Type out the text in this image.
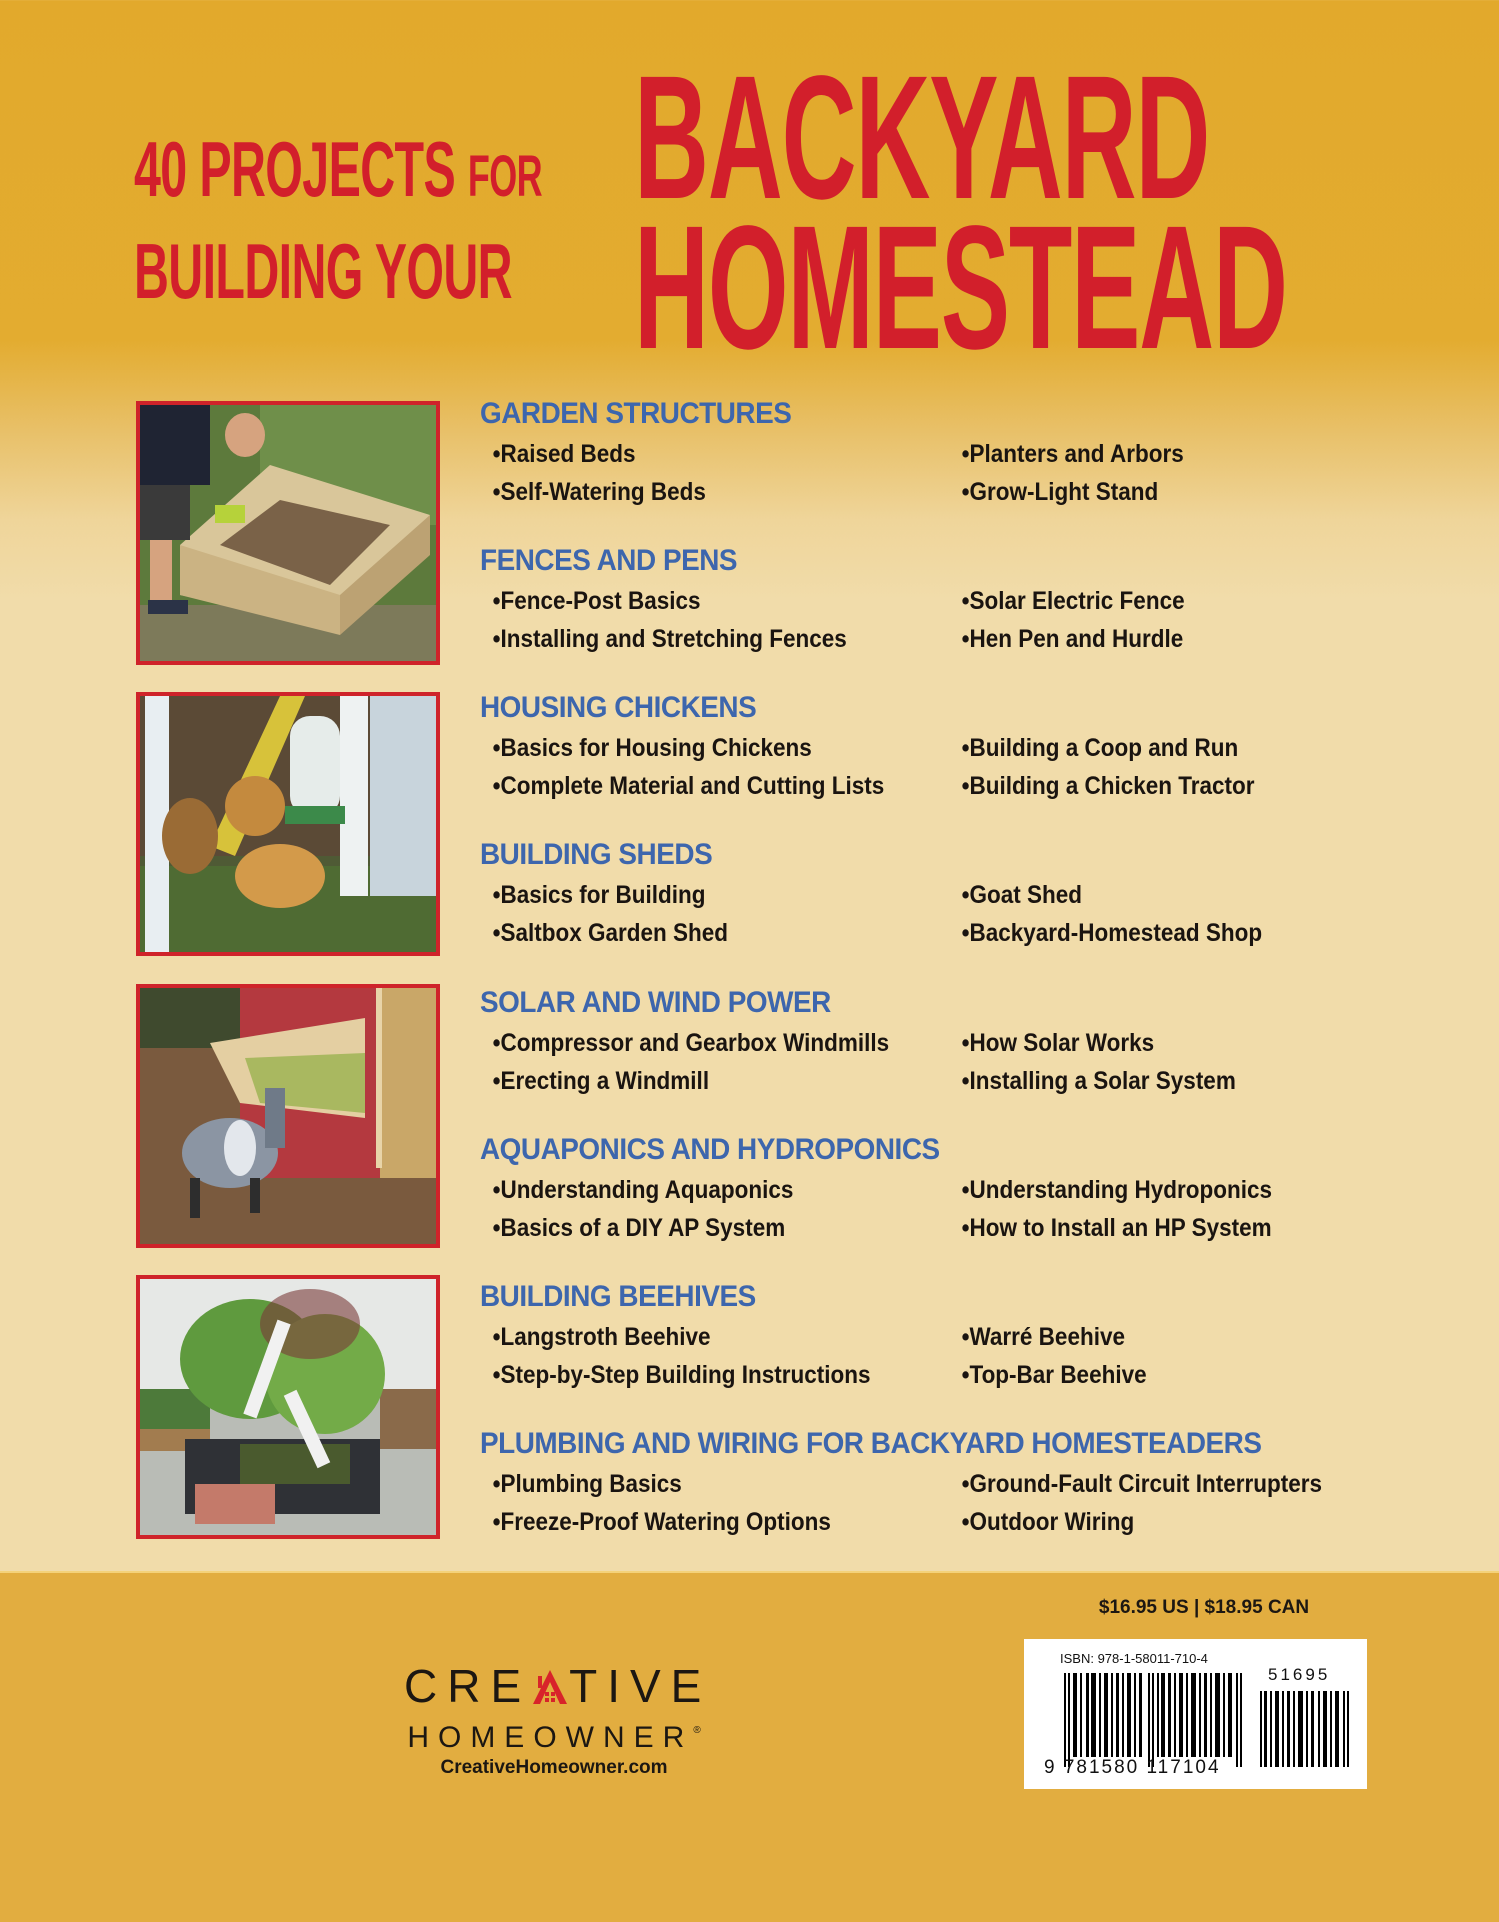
40 PROJECTS FOR
BUILDING YOUR
BACKYARD
HOMESTEAD
GARDEN STRUCTURES
• Raised Beds	• Planters and Arbors
• Self-Watering Beds	• Grow-Light Stand
FENCES AND PENS
• Fence-Post Basics	• Solar Electric Fence
• Installing and Stretching Fences	• Hen Pen and Hurdle
HOUSING CHICKENS
• Basics for Housing Chickens	• Building a Coop and Run
• Complete Material and Cutting Lists	• Building a Chicken Tractor
BUILDING SHEDS
• Basics for Building	• Goat Shed
• Saltbox Garden Shed	• Backyard-Homestead Shop
SOLAR AND WIND POWER
• Compressor and Gearbox Windmills	• How Solar Works
• Erecting a Windmill	• Installing a Solar System
AQUAPONICS AND HYDROPONICS
• Understanding Aquaponics	• Understanding Hydroponics
• Basics of a DIY AP System	• How to Install an HP System
BUILDING BEEHIVES
• Langstroth Beehive	• Warré Beehive
• Step-by-Step Building Instructions	• Top-Bar Beehive
PLUMBING AND WIRING FOR BACKYARD HOMESTEADERS
• Plumbing Basics	• Ground-Fault Circuit Interrupters
• Freeze-Proof Watering Options	• Outdoor Wiring
CRE TIVE
HOMEOWNER®
CreativeHomeowner.com
$16.95 US | $18.95 CAN
ISBN: 978-1-58011-710-4
9 781580 117104
51695
